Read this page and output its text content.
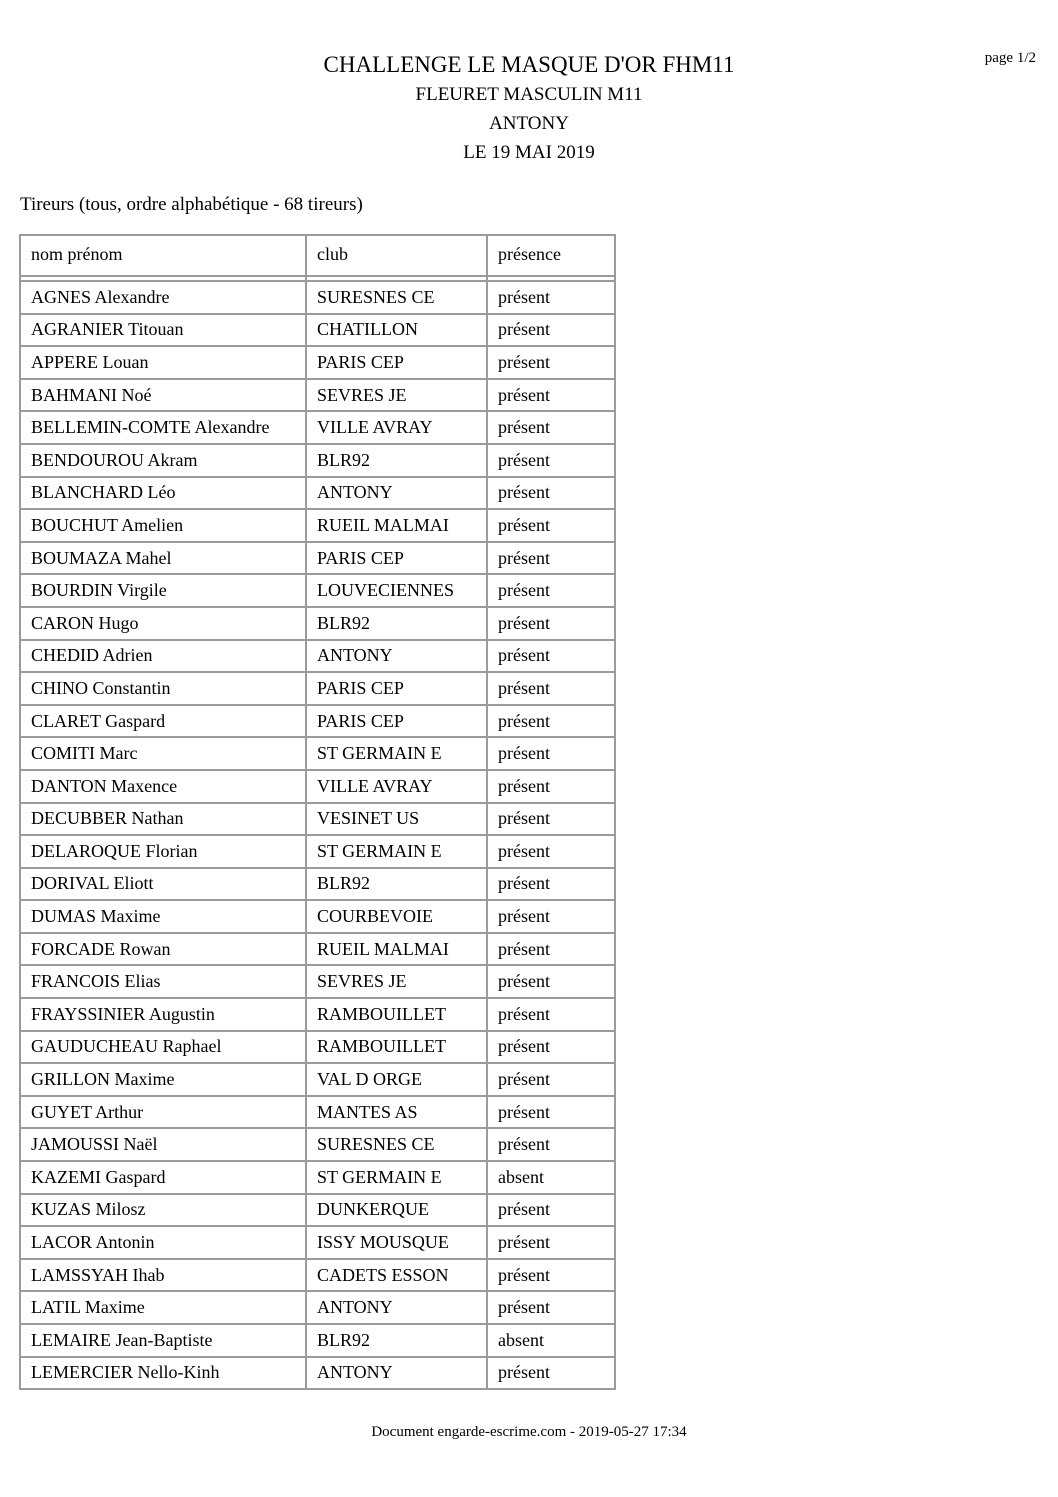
CHALLENGE LE MASQUE D'OR FHM11
FLEURET MASCULIN M11
ANTONY
LE 19 MAI 2019
page 1/2
Tireurs (tous, ordre alphabétique - 68 tireurs)
nom prénom	club	présence

AGNES Alexandre	SURESNES CE	présent
AGRANIER Titouan	CHATILLON	présent
APPERE Louan	PARIS CEP	présent
BAHMANI Noé	SEVRES JE	présent
BELLEMIN-COMTE Alexandre	VILLE AVRAY	présent
BENDOUROU Akram	BLR92	présent
BLANCHARD Léo	ANTONY	présent
BOUCHUT Amelien	RUEIL MALMAI	présent
BOUMAZA Mahel	PARIS CEP	présent
BOURDIN Virgile	LOUVECIENNES	présent
CARON Hugo	BLR92	présent
CHEDID Adrien	ANTONY	présent
CHINO Constantin	PARIS CEP	présent
CLARET Gaspard	PARIS CEP	présent
COMITI Marc	ST GERMAIN E	présent
DANTON Maxence	VILLE AVRAY	présent
DECUBBER Nathan	VESINET US	présent
DELAROQUE Florian	ST GERMAIN E	présent
DORIVAL Eliott	BLR92	présent
DUMAS Maxime	COURBEVOIE	présent
FORCADE Rowan	RUEIL MALMAI	présent
FRANCOIS Elias	SEVRES JE	présent
FRAYSSINIER Augustin	RAMBOUILLET	présent
GAUDUCHEAU Raphael	RAMBOUILLET	présent
GRILLON Maxime	VAL D ORGE	présent
GUYET Arthur	MANTES AS	présent
JAMOUSSI Naël	SURESNES CE	présent
KAZEMI Gaspard	ST GERMAIN E	absent
KUZAS Milosz	DUNKERQUE	présent
LACOR Antonin	ISSY MOUSQUE	présent
LAMSSYAH Ihab	CADETS ESSON	présent
LATIL Maxime	ANTONY	présent
LEMAIRE Jean-Baptiste	BLR92	absent
LEMERCIER Nello-Kinh	ANTONY	présent
Document engarde-escrime.com - 2019-05-27 17:34
